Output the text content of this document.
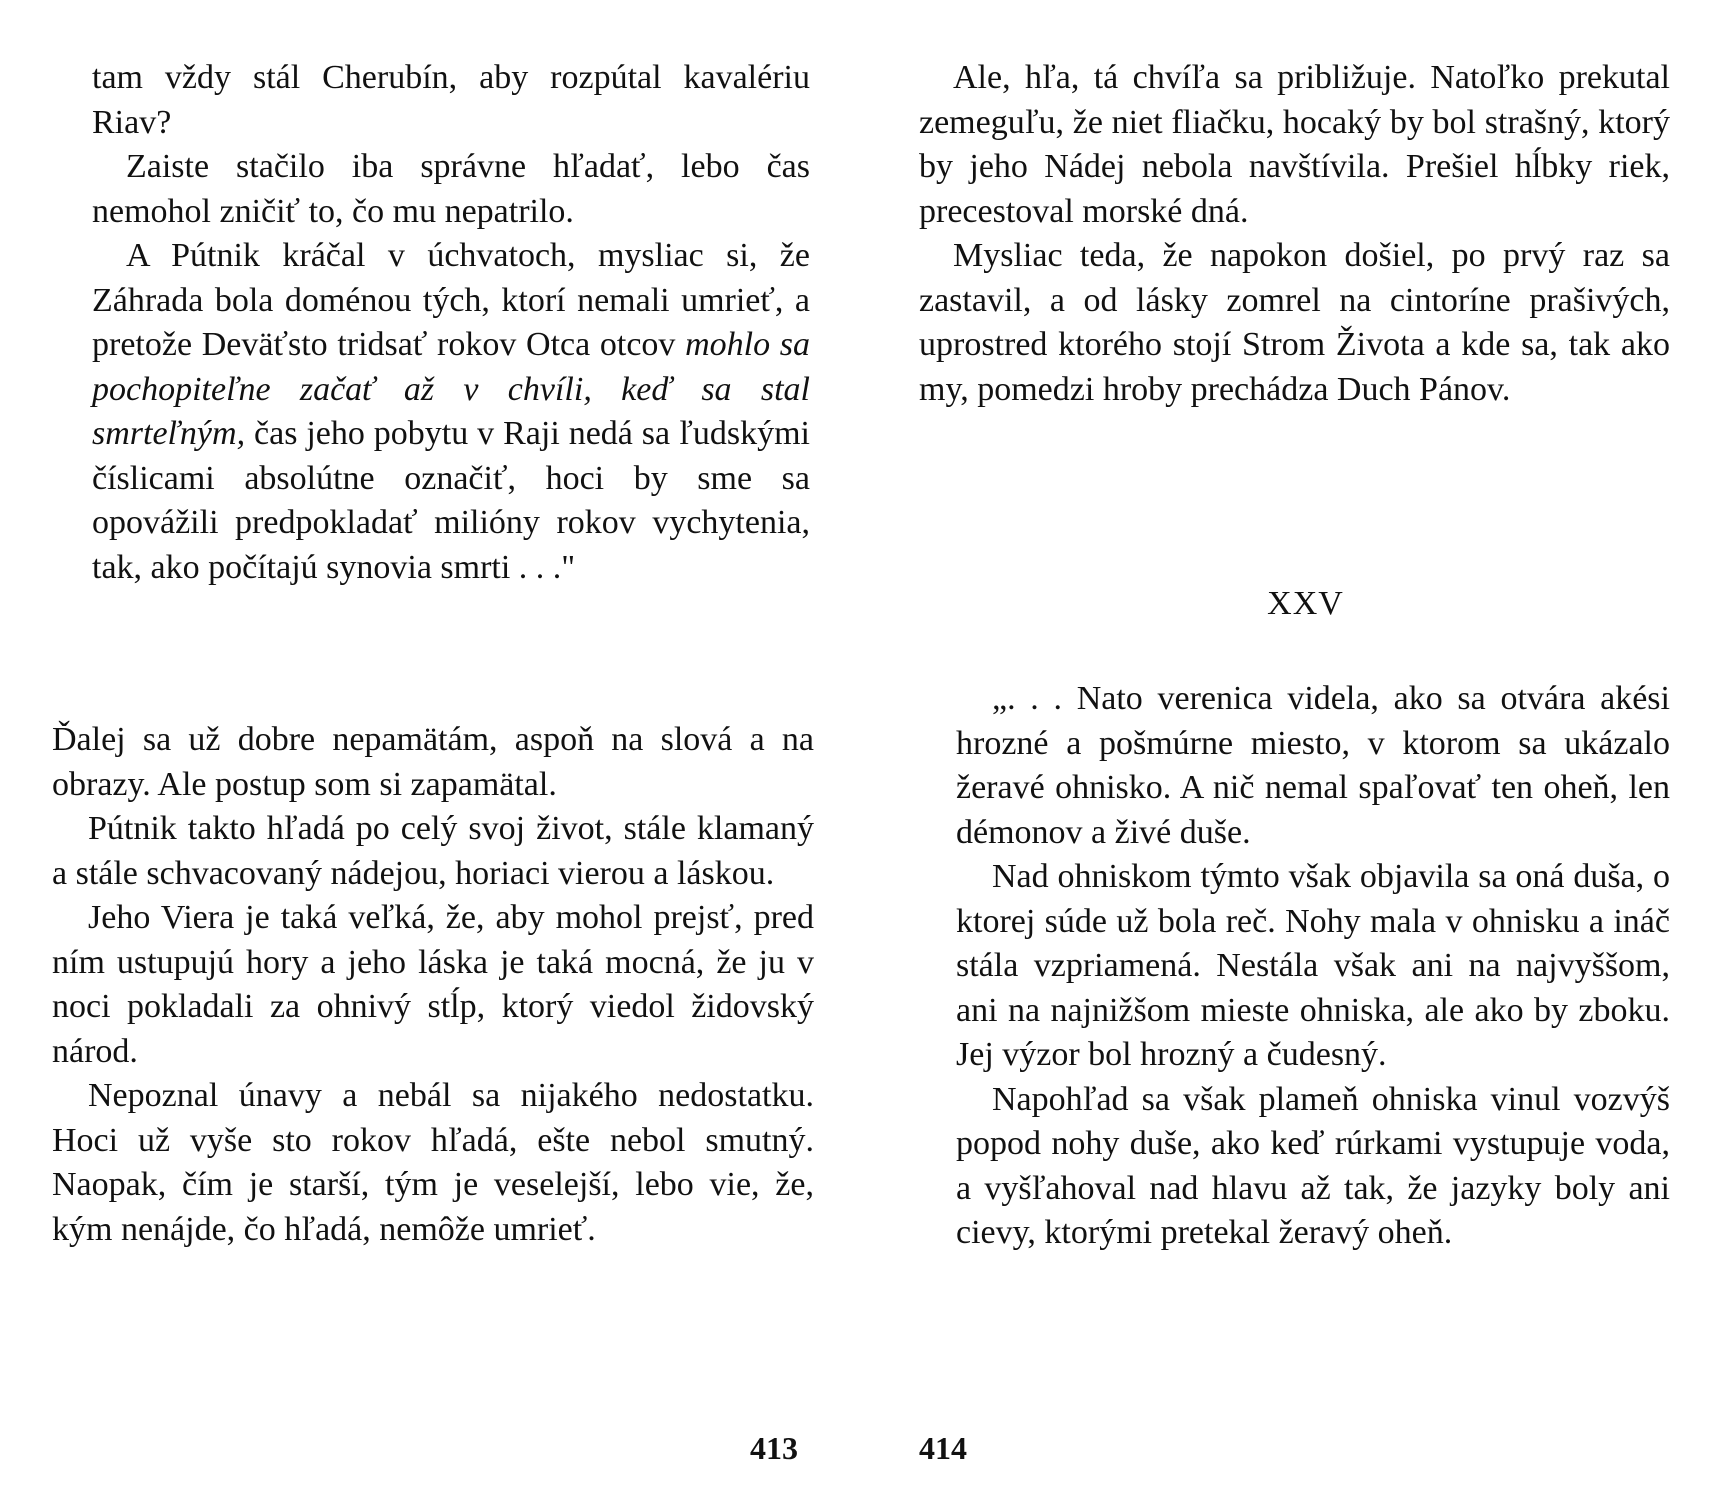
tam vždy stál Cherubín, aby rozpútal kavalériu Riav?

Zaiste stačilo iba správne hľadať, lebo čas nemohol zničiť to, čo mu nepatrilo.

A Pútnik kráčal v úchvatoch, mysliac si, že Záhrada bola doménou tých, ktorí nemali umrieť, a pretože Deväťsto tridsať rokov Otca otcov mohlo sa pochopiteľne začať až v chvíli, keď sa stal smrteľným, čas jeho pobytu v Raji nedá sa ľudskými číslicami absolútne označiť, hoci by sme sa opovážili predpokladať milióny rokov vychytenia, tak, ako počítajú synovia smrti . . ."

Ďalej sa už dobre nepamätám, aspoň na slová a na obrazy. Ale postup som si zapamätal.

Pútnik takto hľadá po celý svoj život, stále klamaný a stále schvacovaný nádejou, horiaci vierou a láskou.

Jeho Viera je taká veľká, že, aby mohol prejsť, pred ním ustupujú hory a jeho láska je taká mocná, že ju v noci pokladali za ohnivý stĺp, ktorý viedol židovský národ.

Nepoznal únavy a nebál sa nijakého nedostatku. Hoci už vyše sto rokov hľadá, ešte nebol smutný. Naopak, čím je starší, tým je veselejší, lebo vie, že, kým nenájde, čo hľadá, nemôže umrieť.

413

Ale, hľa, tá chvíľa sa približuje. Natoľko prekutal zemeguľu, že niet fliačku, hocaký by bol strašný, ktorý by jeho Nádej nebola navštívila. Prešiel hĺbky riek, precestoval morské dná.

Mysliac teda, že napokon došiel, po prvý raz sa zastavil, a od lásky zomrel na cintoríne prašivých, uprostred ktorého stojí Strom Života a kde sa, tak ako my, pomedzi hroby prechádza Duch Pánov.

XXV

„. . . Nato verenica videla, ako sa otvára akési hrozné a pošmúrne miesto, v ktorom sa ukázalo žeravé ohnisko. A nič nemal spaľovať ten oheň, len démonov a živé duše.

Nad ohniskom týmto však objavila sa oná duša, o ktorej súde už bola reč. Nohy mala v ohnisku a ináč stála vzpriamená. Nestála však ani na najvyššom, ani na najnižšom mieste ohniska, ale ako by zboku. Jej výzor bol hrozný a čudesný.

Napohľad sa však plameň ohniska vinul vozvýš popod nohy duše, ako keď rúrkami vystupuje voda, a vyšľahoval nad hlavu až tak, že jazyky boly ani cievy, ktorými pretekal žeravý oheň.

414
